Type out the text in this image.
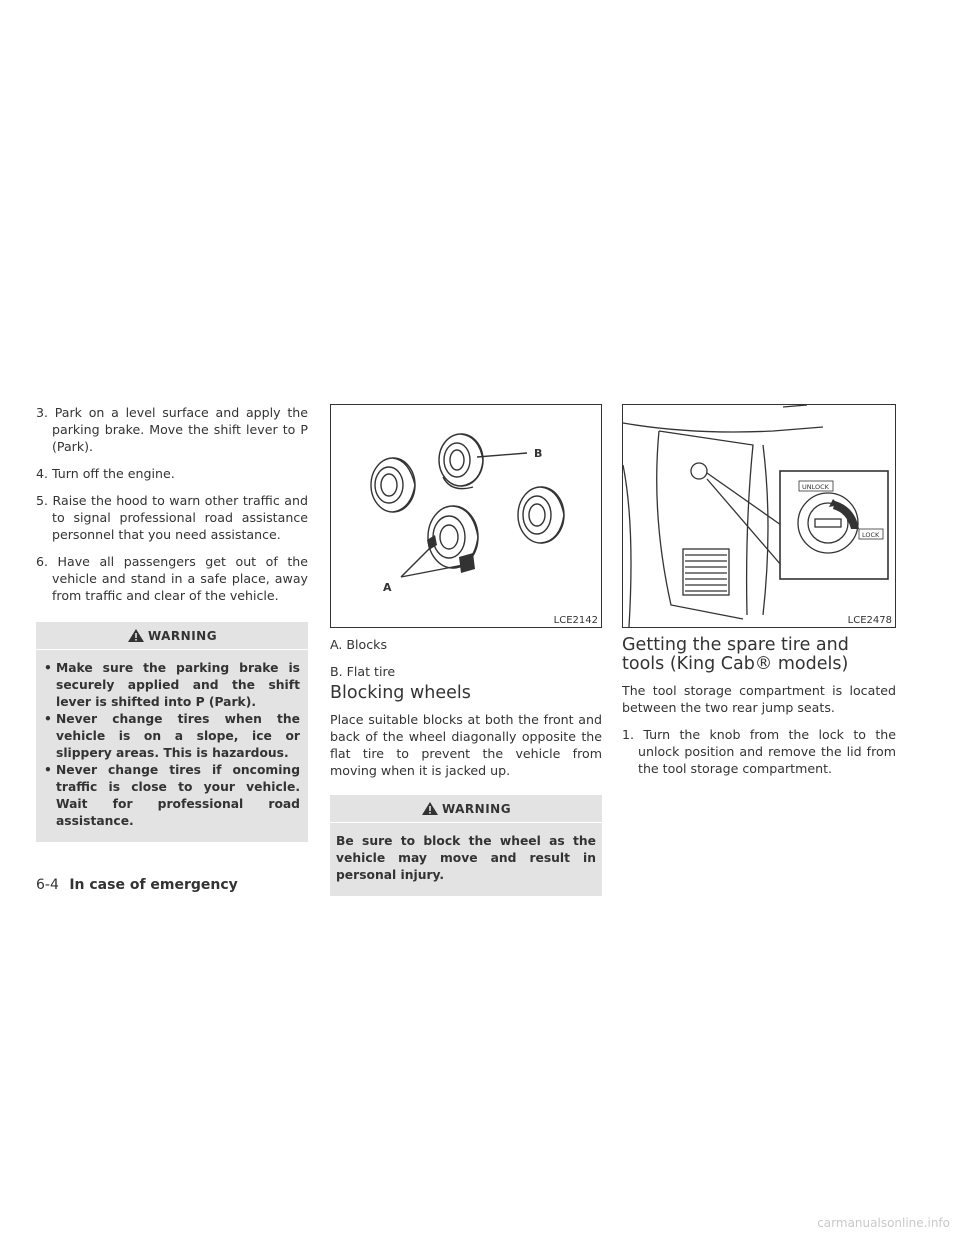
3. Park on a level surface and apply the parking brake. Move the shift lever to P (Park).

4. Turn off the engine.

5. Raise the hood to warn other traffic and to signal professional road assistance personnel that you need assistance.

6. Have all passengers get out of the vehicle and stand in a safe place, away from traffic and clear of the vehicle.

WARNING
• Make sure the parking brake is securely applied and the shift lever is shifted into P (Park).
• Never change tires when the vehicle is on a slope, ice or slippery areas. This is hazardous.
• Never change tires if oncoming traffic is close to your vehicle. Wait for professional road assistance.
B
A
LCE2142

A. Blocks

B. Flat tire

Blocking wheels

Place suitable blocks at both the front and back of the wheel diagonally opposite the flat tire to prevent the vehicle from moving when it is jacked up.

WARNING
Be sure to block the wheel as the vehicle may move and result in personal injury.
UNLOCK
LOCK
LCE2478
Getting the spare tire and tools (King Cab® models)

The tool storage compartment is located between the two rear jump seats.

1. Turn the knob from the lock to the unlock position and remove the lid from the tool storage compartment.

6-4 In case of emergency
carmanualsonline.info
